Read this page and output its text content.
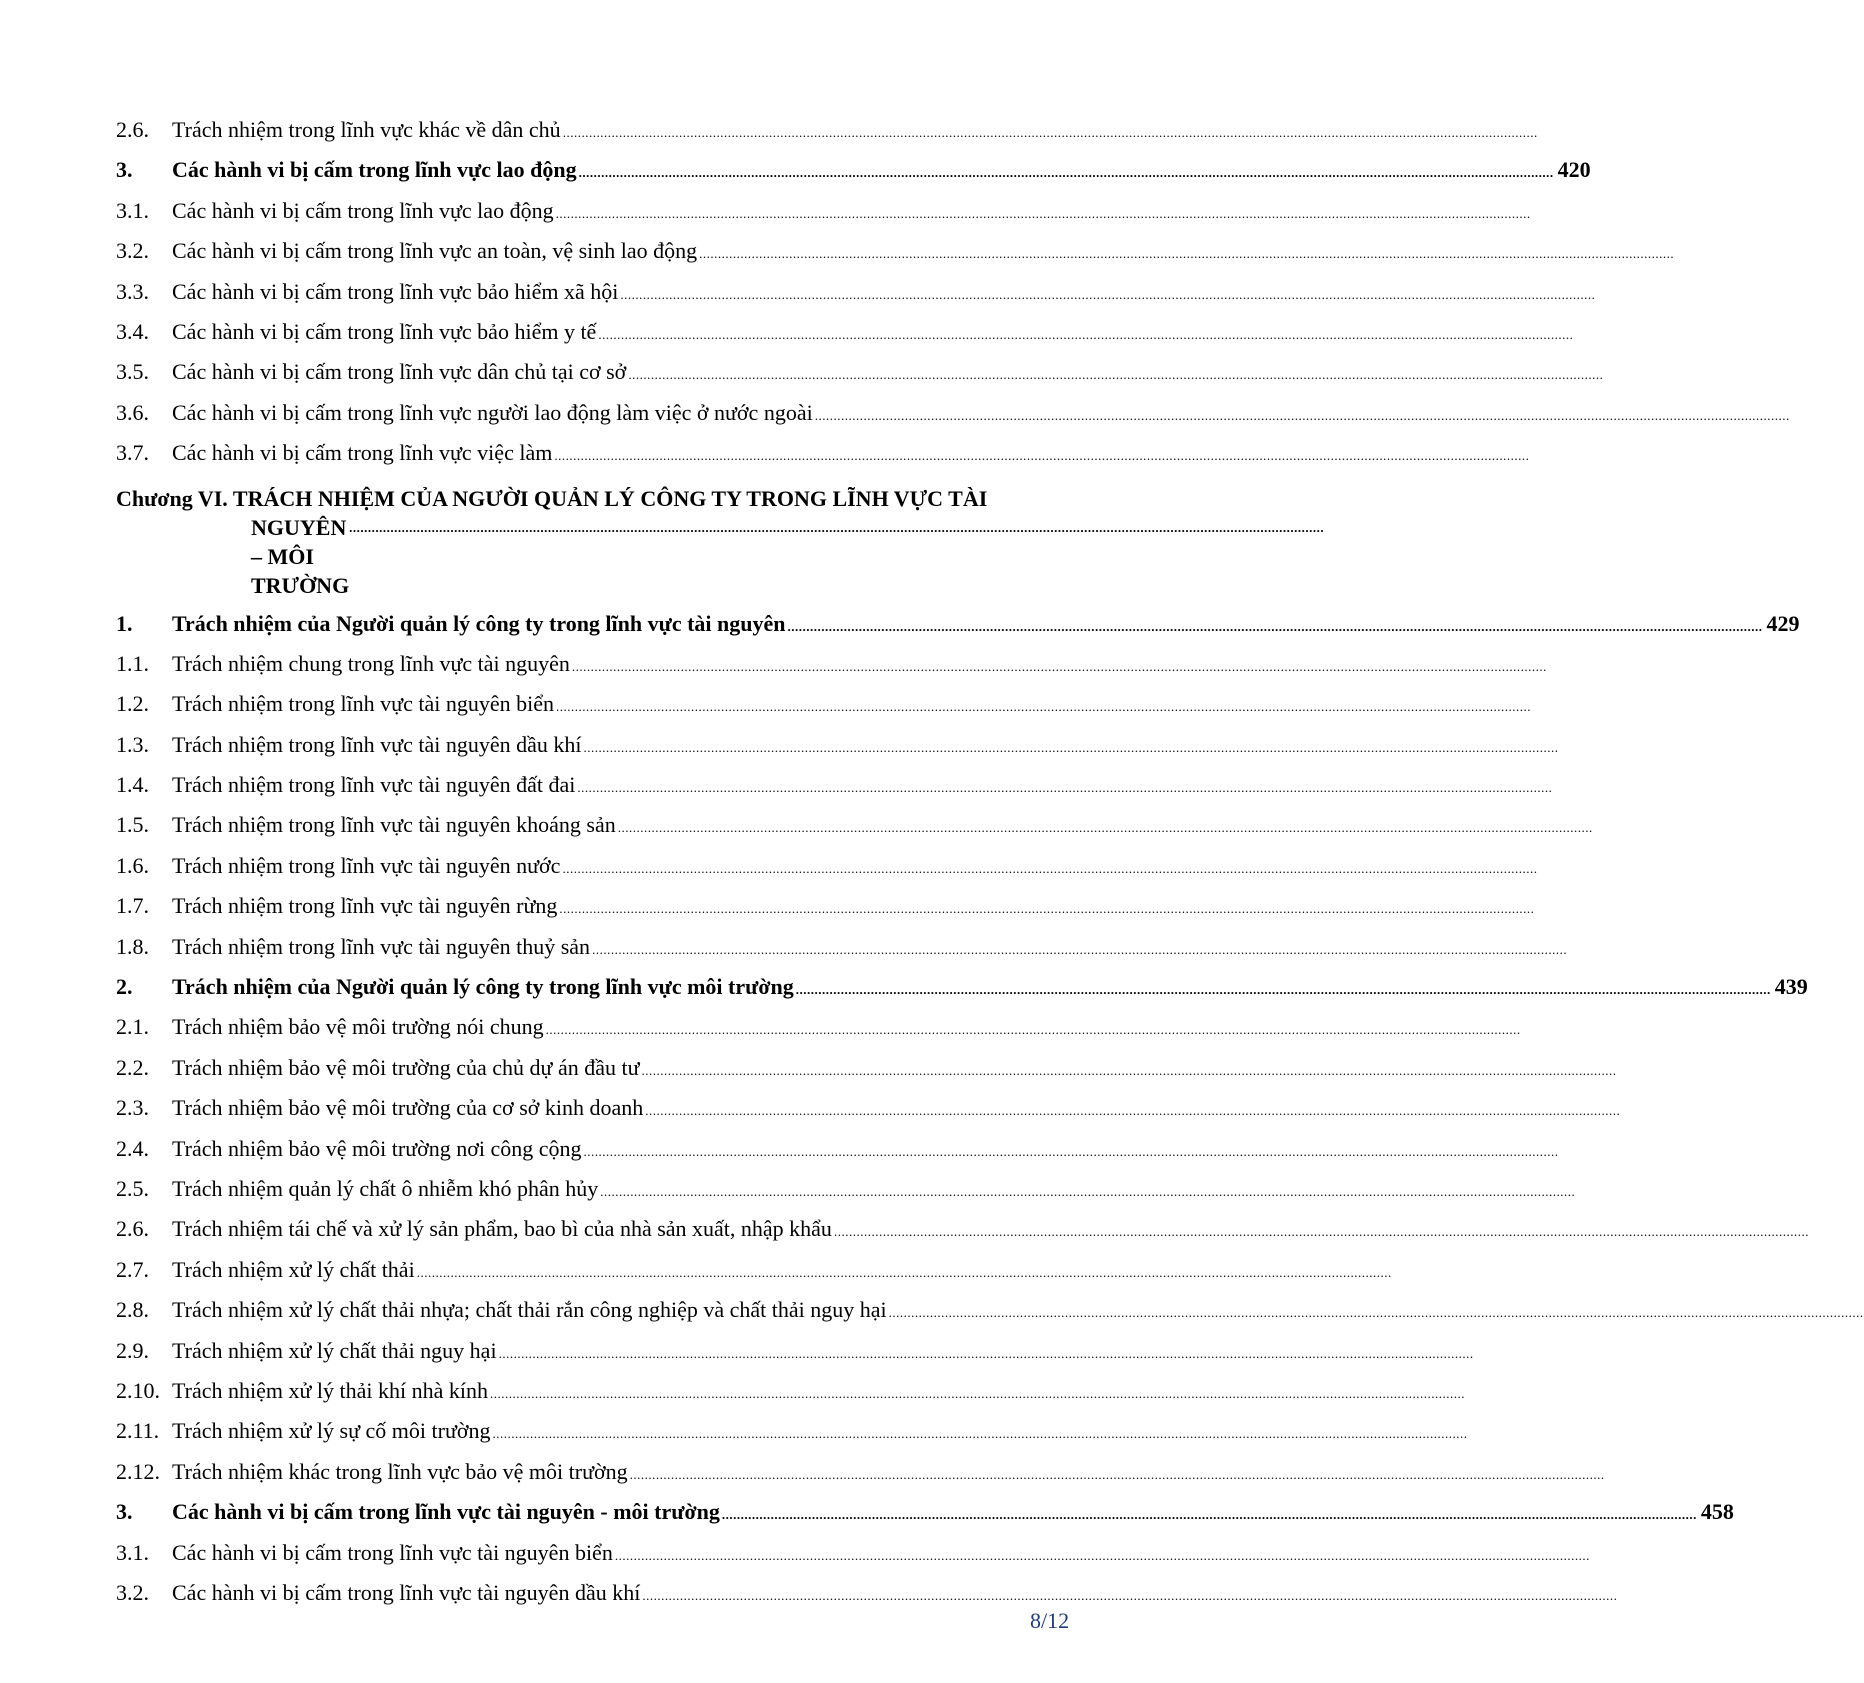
2.6.	Trách nhiệm trong lĩnh vực khác về dân chủ ....................................................................................................................................................................................................................................................................
3.	Các hành vi bị cấm trong lĩnh vực lao động .................................................................................................................................................................................................................................................................... 420
3.1.	Các hành vi bị cấm trong lĩnh vực lao động ....................................................................................................................................................................................................................................................................
3.2.	Các hành vi bị cấm trong lĩnh vực an toàn, vệ sinh lao động ....................................................................................................................................................................................................................................................................
3.3.	Các hành vi bị cấm trong lĩnh vực bảo hiểm xã hội ....................................................................................................................................................................................................................................................................
3.4.	Các hành vi bị cấm trong lĩnh vực bảo hiểm y tế ....................................................................................................................................................................................................................................................................
3.5.	Các hành vi bị cấm trong lĩnh vực dân chủ tại cơ sở ....................................................................................................................................................................................................................................................................
3.6.	Các hành vi bị cấm trong lĩnh vực người lao động làm việc ở nước ngoài ....................................................................................................................................................................................................................................................................
3.7.	Các hành vi bị cấm trong lĩnh vực việc làm ....................................................................................................................................................................................................................................................................
Chương VI. TRÁCH NHIỆM CỦA NGƯỜI QUẢN LÝ CÔNG TY TRONG LĨNH VỰC TÀI
NGUYÊN – MÔI TRƯỜNG
....................................................................................................................................................................................................................................................................
1.	Trách nhiệm của Người quản lý công ty trong lĩnh vực tài nguyên .................................................................................................................................................................................................................................................................... 429
1.1.	Trách nhiệm chung trong lĩnh vực tài nguyên ....................................................................................................................................................................................................................................................................
1.2.	Trách nhiệm trong lĩnh vực tài nguyên biển ....................................................................................................................................................................................................................................................................
1.3.	Trách nhiệm trong lĩnh vực tài nguyên dầu khí ....................................................................................................................................................................................................................................................................
1.4.	Trách nhiệm trong lĩnh vực tài nguyên đất đai ....................................................................................................................................................................................................................................................................
1.5.	Trách nhiệm trong lĩnh vực tài nguyên khoáng sản ....................................................................................................................................................................................................................................................................
1.6.	Trách nhiệm trong lĩnh vực tài nguyên nước ....................................................................................................................................................................................................................................................................
1.7.	Trách nhiệm trong lĩnh vực tài nguyên rừng ....................................................................................................................................................................................................................................................................
1.8.	Trách nhiệm trong lĩnh vực tài nguyên thuỷ sản ....................................................................................................................................................................................................................................................................
2.	Trách nhiệm của Người quản lý công ty trong lĩnh vực môi trường .................................................................................................................................................................................................................................................................... 439
2.1.	Trách nhiệm bảo vệ môi trường nói chung ....................................................................................................................................................................................................................................................................
2.2.	Trách nhiệm bảo vệ môi trường của chủ dự án đầu tư ....................................................................................................................................................................................................................................................................
2.3.	Trách nhiệm bảo vệ môi trường của cơ sở kinh doanh ....................................................................................................................................................................................................................................................................
2.4.	Trách nhiệm bảo vệ môi trường nơi công cộng ....................................................................................................................................................................................................................................................................
2.5.	Trách nhiệm quản lý chất ô nhiễm khó phân hủy ....................................................................................................................................................................................................................................................................
2.6.	Trách nhiệm tái chế và xử lý sản phẩm, bao bì của nhà sản xuất, nhập khẩu ....................................................................................................................................................................................................................................................................
2.7.	Trách nhiệm xử lý chất thải ....................................................................................................................................................................................................................................................................
2.8.	Trách nhiệm xử lý chất thải nhựa; chất thải rắn công nghiệp và chất thải nguy hại ....................................................................................................................................................................................................................................................................
2.9.	Trách nhiệm xử lý chất thải nguy hại ....................................................................................................................................................................................................................................................................
2.10. Trách nhiệm xử lý thải khí nhà kính ....................................................................................................................................................................................................................................................................
2.11. Trách nhiệm xử lý sự cố môi trường ....................................................................................................................................................................................................................................................................
2.12. Trách nhiệm khác trong lĩnh vực bảo vệ môi trường ....................................................................................................................................................................................................................................................................
3.	Các hành vi bị cấm trong lĩnh vực tài nguyên - môi trường .................................................................................................................................................................................................................................................................... 458
3.1.	Các hành vi bị cấm trong lĩnh vực tài nguyên biển ....................................................................................................................................................................................................................................................................
3.2.	Các hành vi bị cấm trong lĩnh vực tài nguyên dầu khí ....................................................................................................................................................................................................................................................................
8/12
